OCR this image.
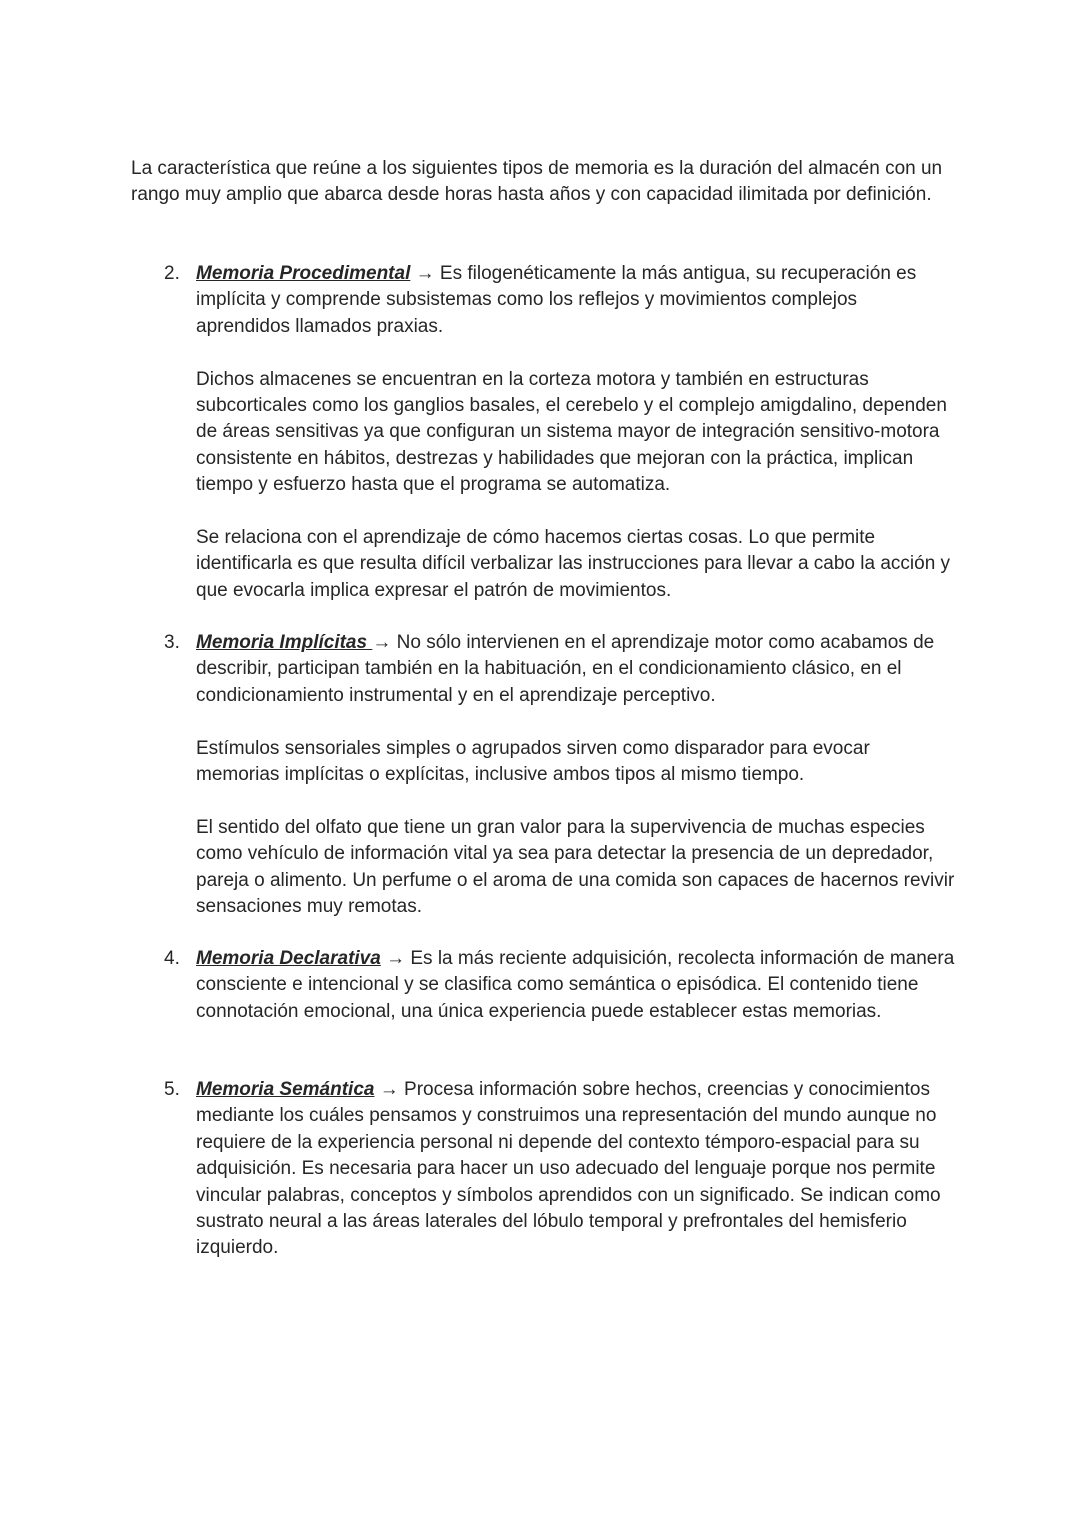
La característica que reúne a los siguientes tipos de memoria es la duración del almacén con un rango muy amplio que abarca desde horas hasta años y con capacidad ilimitada por definición.

2. Memoria Procedimental → Es filogenéticamente la más antigua, su recuperación es implícita y comprende subsistemas como los reflejos y movimientos complejos aprendidos llamados praxias.

Dichos almacenes se encuentran en la corteza motora y también en estructuras subcorticales como los ganglios basales, el cerebelo y el complejo amigdalino, dependen de áreas sensitivas ya que configuran un sistema mayor de integración sensitivo-motora consistente en hábitos, destrezas y habilidades que mejoran con la práctica, implican tiempo y esfuerzo hasta que el programa se automatiza.

Se relaciona con el aprendizaje de cómo hacemos ciertas cosas. Lo que permite identificarla es que resulta difícil verbalizar las instrucciones para llevar a cabo la acción y que evocarla implica expresar el patrón de movimientos.

3. Memoria Implícitas → No sólo intervienen en el aprendizaje motor como acabamos de describir, participan también en la habituación, en el condicionamiento clásico, en el condicionamiento instrumental y en el aprendizaje perceptivo.

Estímulos sensoriales simples o agrupados sirven como disparador para evocar memorias implícitas o explícitas, inclusive ambos tipos al mismo tiempo.

El sentido del olfato que tiene un gran valor para la supervivencia de muchas especies como vehículo de información vital ya sea para detectar la presencia de un depredador, pareja o alimento. Un perfume o el aroma de una comida son capaces de hacernos revivir sensaciones muy remotas.

4. Memoria Declarativa → Es la más reciente adquisición, recolecta información de manera consciente e intencional y se clasifica como semántica o episódica. El contenido tiene connotación emocional, una única experiencia puede establecer estas memorias.

5. Memoria Semántica → Procesa información sobre hechos, creencias y conocimientos mediante los cuáles pensamos y construimos una representación del mundo aunque no requiere de la experiencia personal ni depende del contexto témporo-espacial para su adquisición. Es necesaria para hacer un uso adecuado del lenguaje porque nos permite vincular palabras, conceptos y símbolos aprendidos con un significado. Se indican como sustrato neural a las áreas laterales del lóbulo temporal y prefrontales del hemisferio izquierdo.
